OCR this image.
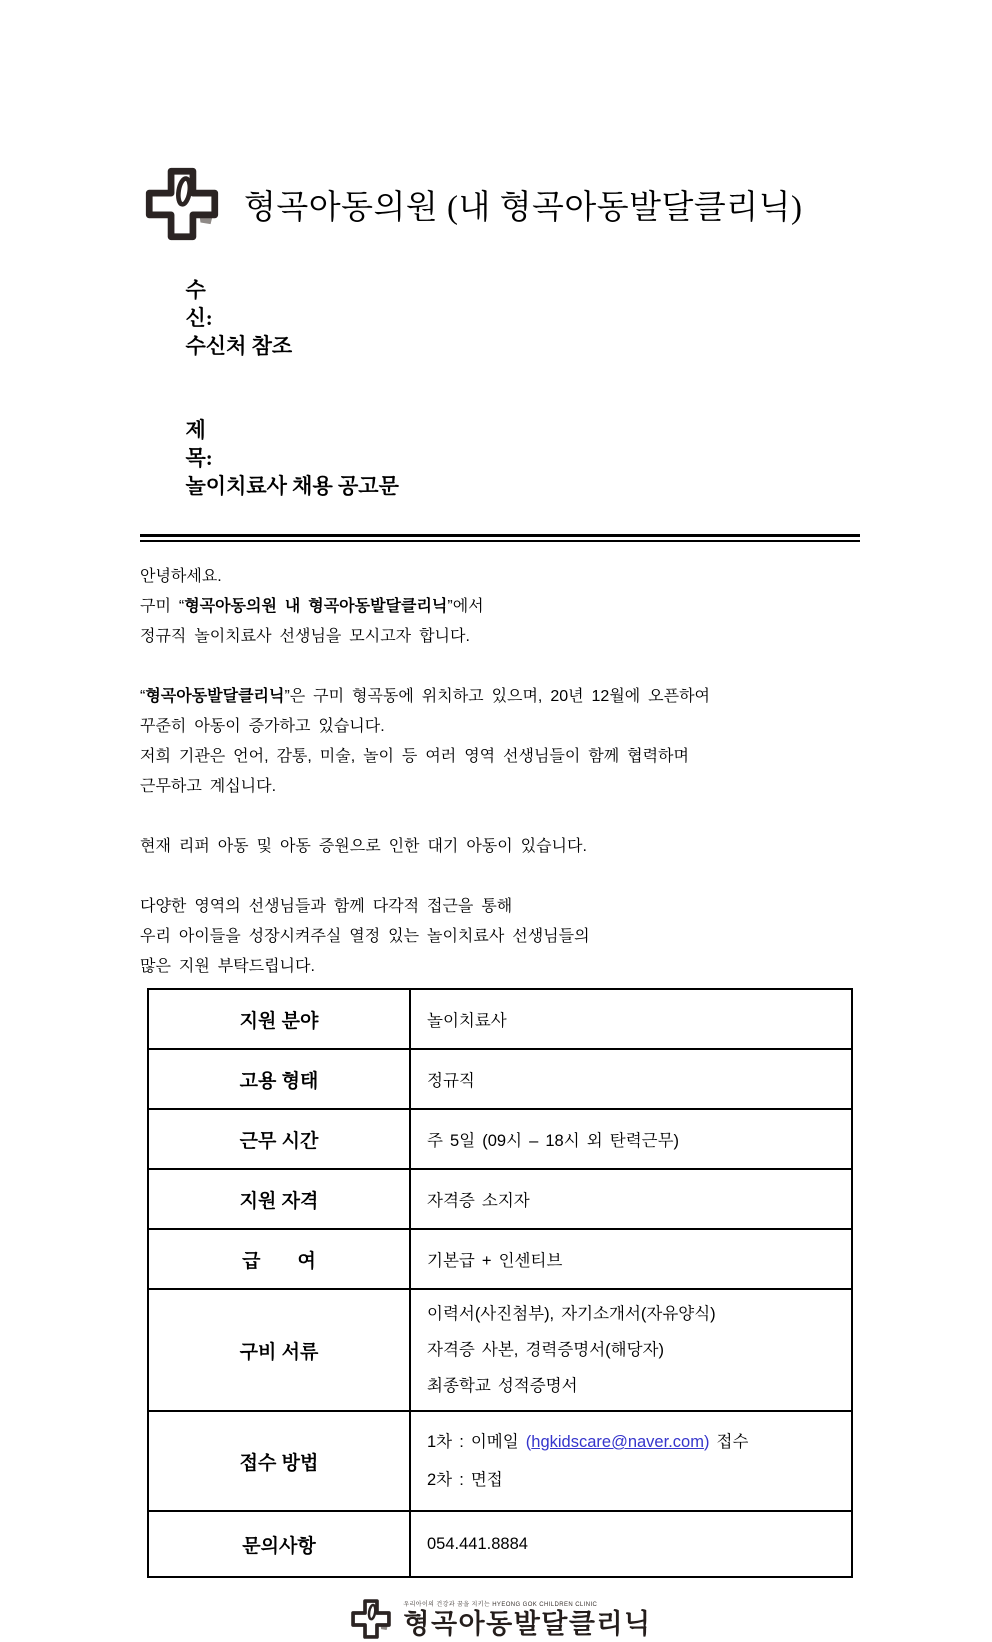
형곡아동의원 (내 형곡아동발달클리닉)

수
신:
수신처 참조

제
목:
놀이치료사 채용 공고문

안녕하세요.
구미 “형곡아동의원 내 형곡아동발달클리닉”에서
정규직 놀이치료사 선생님을 모시고자 합니다.

“형곡아동발달클리닉”은 구미 형곡동에 위치하고 있으며, 20년 12월에 오픈하여
꾸준히 아동이 증가하고 있습니다.
저희 기관은 언어, 감통, 미술, 놀이 등 여러 영역 선생님들이 함께 협력하며
근무하고 계십니다.

현재 리퍼 아동 및 아동 증원으로 인한 대기 아동이 있습니다.

다양한 영역의 선생님들과 함께 다각적 접근을 통해
우리 아이들을 성장시켜주실 열정 있는 놀이치료사 선생님들의
많은 지원 부탁드립니다.

지원 분야	놀이치료사
고용 형태	정규직
근무 시간	주 5일 (09시 – 18시 외 탄력근무)
지원 자격	자격증 소지자
급       여	기본급 + 인센티브
구비 서류	이력서(사진첨부), 자기소개서(자유양식)
자격증 사본, 경력증명서(해당자)
최종학교 성적증명서

접수 방법	1차 : 이메일 (hgkidscare@naver.com) 접수
2차 : 면접

문의사항	054.441.8884
우리아이의 건강과 꿈을 지키는 HYEONG GOK CHILDREN CLINIC
형곡아동발달클리닉
